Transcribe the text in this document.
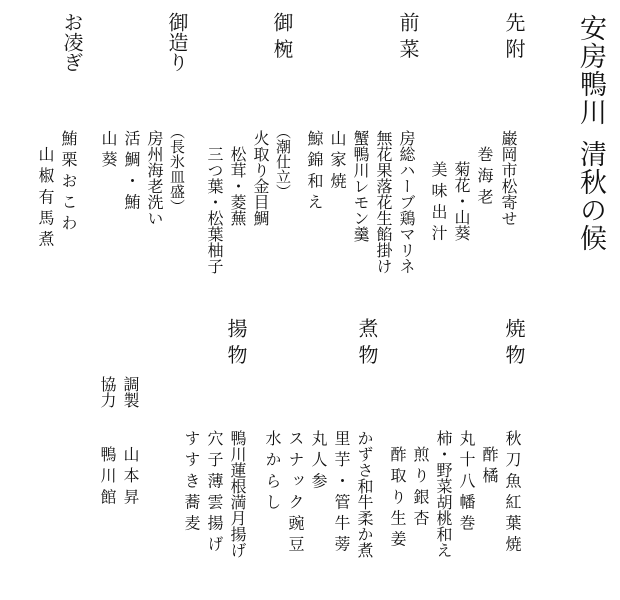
安房鴨川
清秋の候
先 附
巌岡市松寄せ
巻 海 老
菊花・山葵
美 味 出 汁
前 菜
房総ハーブ鶏マリネ
無花果落花生餡掛け
蟹鴨川レモン羹
山 家 焼
鯨 錦 和 え
御 椀
（潮仕立）
火取り金目鯛
松茸・菱蕪
三つ葉・松葉柚子
御造り
（長氷皿盛）
房州海老洗い
活 鯛 ・ 鮪
山 葵
お凌ぎ
鮪 栗 お こ わ
山 椒 有 馬 煮
焼 物
秋 刀 魚 紅 葉 焼
酢 橘
丸 十 八 幡 巻
柿・野菜胡桃和え
煎 り 銀 杏
酢 取 り 生 姜
煮 物
かずさ和牛柔か煮
里 芋 ・ 管 牛 蒡
丸 人 参
ス ナ ッ ク 豌 豆
水 か ら し
揚 物
鴨川蓮根満月揚げ
穴 子 薄 雲 揚 げ
す す き 蕎 麦
調製
協力
山 本 昇
鴨 川 館
